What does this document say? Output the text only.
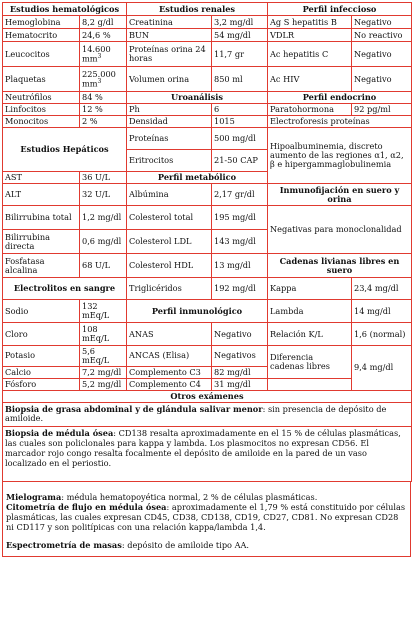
Estudios hematológicos		Estudios renales		Perfil infeccioso	
Hemoglobina	8,2 g/dl	Creatinina	3,2 mg/dl	Ag S hepatitis B	Negativo
Hematocrito	24,6 %	BUN	54 mg/dl	VDLR	No reactivo
Leucocitos	14.600 $mm^3$	Proteínas orina 24 horas	11,7 gr	Ac hepatitis C	Negativo
Plaquetas	225.000 $mm^3$	Volumen orina	850 ml	Ac HIV	Negativo
Neutrófilos	84 %	Uroanálisis		Perfil endocrino	
Linfocitos	12 %	Ph	6	Paratohormona	92 pg/ml
Monocitos	2 %	Densidad	1015	Electroforesis proteínas	
Estudios Hepáticos		Proteínas	500 mg/dl	Hipoalbuminemia, discreto aumento de las regiones α1, α2, β e hipergammaglobulinemia	
		Eritrocitos	21-50 CAP		
AST	36 U/L	Perfil metabólico			
ALT	32 U/L	Albúmina	2,17 gr/dl	Inmunofijación en suero y orina	
Bilirrubina total	1,2 mg/dl	Colesterol total	195 mg/dl	Negativas para monoclonalidad	
Bilirrubina directa	0,6 mg/dl	Colesterol LDL	143 mg/dl		
Fosfatasa alcalina	68 U/L	Colesterol HDL	13 mg/dl	Cadenas livianas libres en suero	
Electrolitos en sangre		Triglicéridos	192 mg/dl	Kappa	23,4 mg/dl
Sodio	132 mEq/L	Perfil inmunológico		Lambda	14 mg/dl
Cloro	108 mEq/L	ANAS	Negativo	Relación K/L	1,6 (normal)
Potasio	5,6 mEq/L	ANCAS (Elisa)	Negativos	Diferencia cadenas libres	9,4 mg/dl
Calcio	7,2 mg/dl	Complemento C3	82 mg/dl		
Fósforo	5,2 mg/dl	Complemento C4	31 mg/dl		
Otros exámenes					
Biopsia de grasa abdominal y de glándula salivar menor: sin presencia de depósito de amiloide.					
Biopsia de médula ósea: CD138 resalta aproximadamente en el 15 % de células plasmáticas, las cuales son policlonales para kappa y lambda. Los plasmocitos no expresan CD56. El marcador rojo congo resalta focalmente el depósito de amiloide en la pared de un vaso localizado en el periostio.					
Mielograma: médula hematopoyética normal, 2 % de células plasmáticas.
Citometría de flujo en médula ósea: aproximadamente el 1,79 % está constituido por células plasmáticas, las cuales expresan CD45, CD38, CD138, CD19, CD27, CD81. No expresan CD28 ni CD117 y son politípicas con una relación kappa/lambda 1,4.
Espectrometría de masas: depósito de amiloide tipo AA.
